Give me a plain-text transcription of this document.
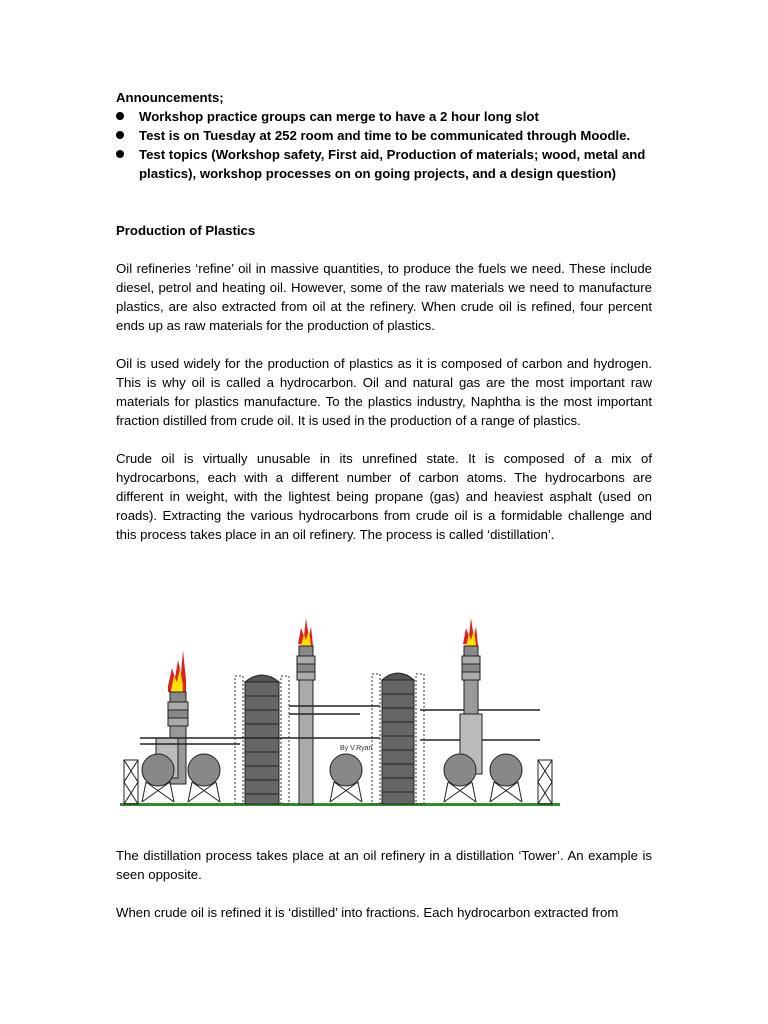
Announcements;
Workshop practice groups can merge to have a 2 hour long slot
Test is on Tuesday at 252 room and time to be communicated through Moodle.
Test topics (Workshop safety, First aid, Production of materials; wood, metal and plastics), workshop processes on on going projects, and a design question)
Production of Plastics

Oil refineries ‘refine’ oil in massive quantities, to produce the fuels we need. These include diesel, petrol and heating oil. However, some of the raw materials we need to manufacture plastics, are also extracted from oil at the refinery. When crude oil is refined, four percent ends up as raw materials for the production of plastics.

Oil is used widely for the production of plastics as it is composed of carbon and hydrogen. This is why oil is called a hydrocarbon. Oil and natural gas are the most important raw materials for plastics manufacture. To the plastics industry, Naphtha is the most important fraction distilled from crude oil. It is used in the production of a range of plastics.

Crude oil is virtually unusable in its unrefined state. It is composed of a mix of hydrocarbons, each with a different number of carbon atoms. The hydrocarbons are different in weight, with the lightest being propane (gas) and heaviest asphalt (used on roads). Extracting the various hydrocarbons from crude oil is a formidable challenge and this process takes place in an oil refinery. The process is called ‘distillation’.

By V.Ryan

The distillation process takes place at an oil refinery in a distillation ‘Tower’. An example is seen opposite.

When crude oil is refined it is ‘distilled’ into fractions. Each hydrocarbon extracted from
